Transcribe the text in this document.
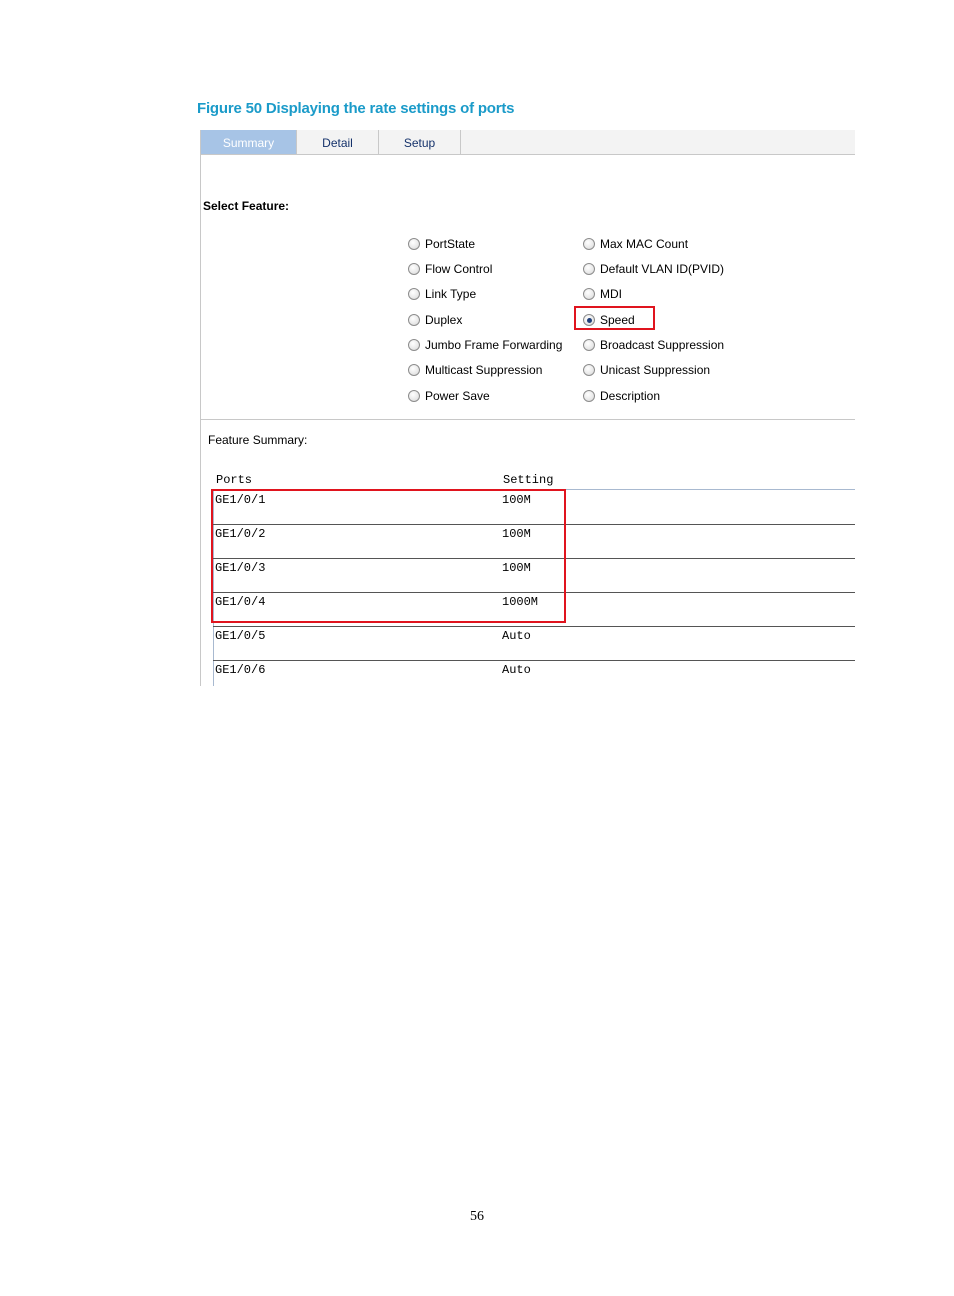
Figure 50 Displaying the rate settings of ports
Summary	Detail	Setup
Select Feature:
PortState
Flow Control
Link Type
Duplex
Jumbo Frame Forwarding
Multicast Suppression
Power Save
Max MAC Count
Default VLAN ID(PVID)
MDI
Speed
Broadcast Suppression
Unicast Suppression
Description
Feature Summary:
Ports	Setting
GE1/0/1	100M
GE1/0/2	100M
GE1/0/3	100M
GE1/0/4	1000M
GE1/0/5	Auto
GE1/0/6	Auto
56
